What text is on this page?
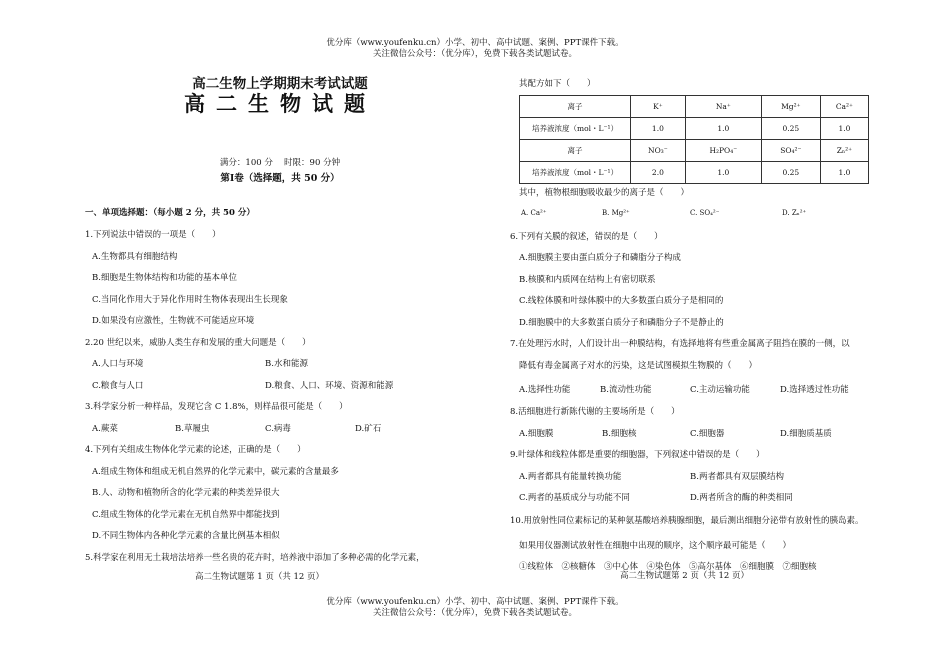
优分库（www.youfenku.cn）小学、初中、高中试题、案例、PPT课件下载。
关注微信公众号：（优分库），免费下载各类试题试卷。
高二生物上学期期末考试试题
高二生物试题
满分：100 分　 时限：90 分钟
第Ⅰ卷（选择题，共 50 分）
一、单项选择题：（每小题 2 分，共 50 分）
1.下列说法中错误的一项是（　　）
A.生物都具有细胞结构
B.细胞是生物体结构和功能的基本单位
C.当同化作用大于异化作用时生物体表现出生长现象
D.如果没有应激性，生物就不可能适应环境
2.20 世纪以来，威胁人类生存和发展的重大问题是（　　）
A.人口与环境	B.水和能源
C.粮食与人口	D.粮食、人口、环境、资源和能源
3.科学家分析一种样品，发现它含 C 1.8%，则样品很可能是（　　）
A.蕨菜	B.草履虫	C.病毒	D.矿石
4.下列有关组成生物体化学元素的论述，正确的是（　　）
A.组成生物体和组成无机自然界的化学元素中，碳元素的含量最多
B.人、动物和植物所含的化学元素的种类差异很大
C.组成生物体的化学元素在无机自然界中都能找到
D.不同生物体内各种化学元素的含量比例基本相似
5.科学家在利用无土栽培法培养一些名贵的花卉时，培养液中添加了多种必需的化学元素，
高二生物试题第 1 页（共 12 页）
其配方如下（　　）
离子	K⁺	Na⁺	Mg²⁺	Ca²⁺
培养液浓度（mol・L⁻¹）	1.0	1.0	0.25	1.0
离子	NO₃⁻	H₂PO₄⁻	SO₄²⁻	Zₙ²⁺
培养液浓度（mol・L⁻¹）	2.0	1.0	0.25	1.0
其中，植物根细胞吸收最少的离子是（　　）
A. Ca²⁺	B. Mg²⁺	C. SO₄²⁻	D. Zₙ²⁺
6.下列有关膜的叙述，错误的是（　　）
A.细胞膜主要由蛋白质分子和磷脂分子构成
B.核膜和内质网在结构上有密切联系
C.线粒体膜和叶绿体膜中的大多数蛋白质分子是相同的
D.细胞膜中的大多数蛋白质分子和磷脂分子不是静止的
7.在处理污水时，人们设计出一种膜结构，有选择地将有些重金属离子阻挡在膜的一侧，以
降低有毒金属离子对水的污染，这是试图模拟生物膜的（　　）
A.选择性功能	B.流动性功能	C.主动运输功能	D.选择透过性功能
8.活细胞进行新陈代谢的主要场所是（　　）
A.细胞膜	B.细胞核	C.细胞器	D.细胞质基质
9.叶绿体和线粒体都是重要的细胞器，下列叙述中错误的是（　　）
A.两者都具有能量转换功能	B.两者都具有双层膜结构
C.两者的基质成分与功能不同	D.两者所含的酶的种类相同
10.用放射性同位素标记的某种氨基酸培养胰腺细胞，最后测出细胞分泌带有放射性的胰岛素。
如果用仪器测试放射性在细胞中出现的顺序，这个顺序最可能是（　　）
①线粒体　②核糖体　③中心体　④染色体　⑤高尔基体　⑥细胞膜　⑦细胞核
高二生物试题第 2 页（共 12 页）
优分库（www.youfenku.cn）小学、初中、高中试题、案例、PPT课件下载。
关注微信公众号：（优分库），免费下载各类试题试卷。
